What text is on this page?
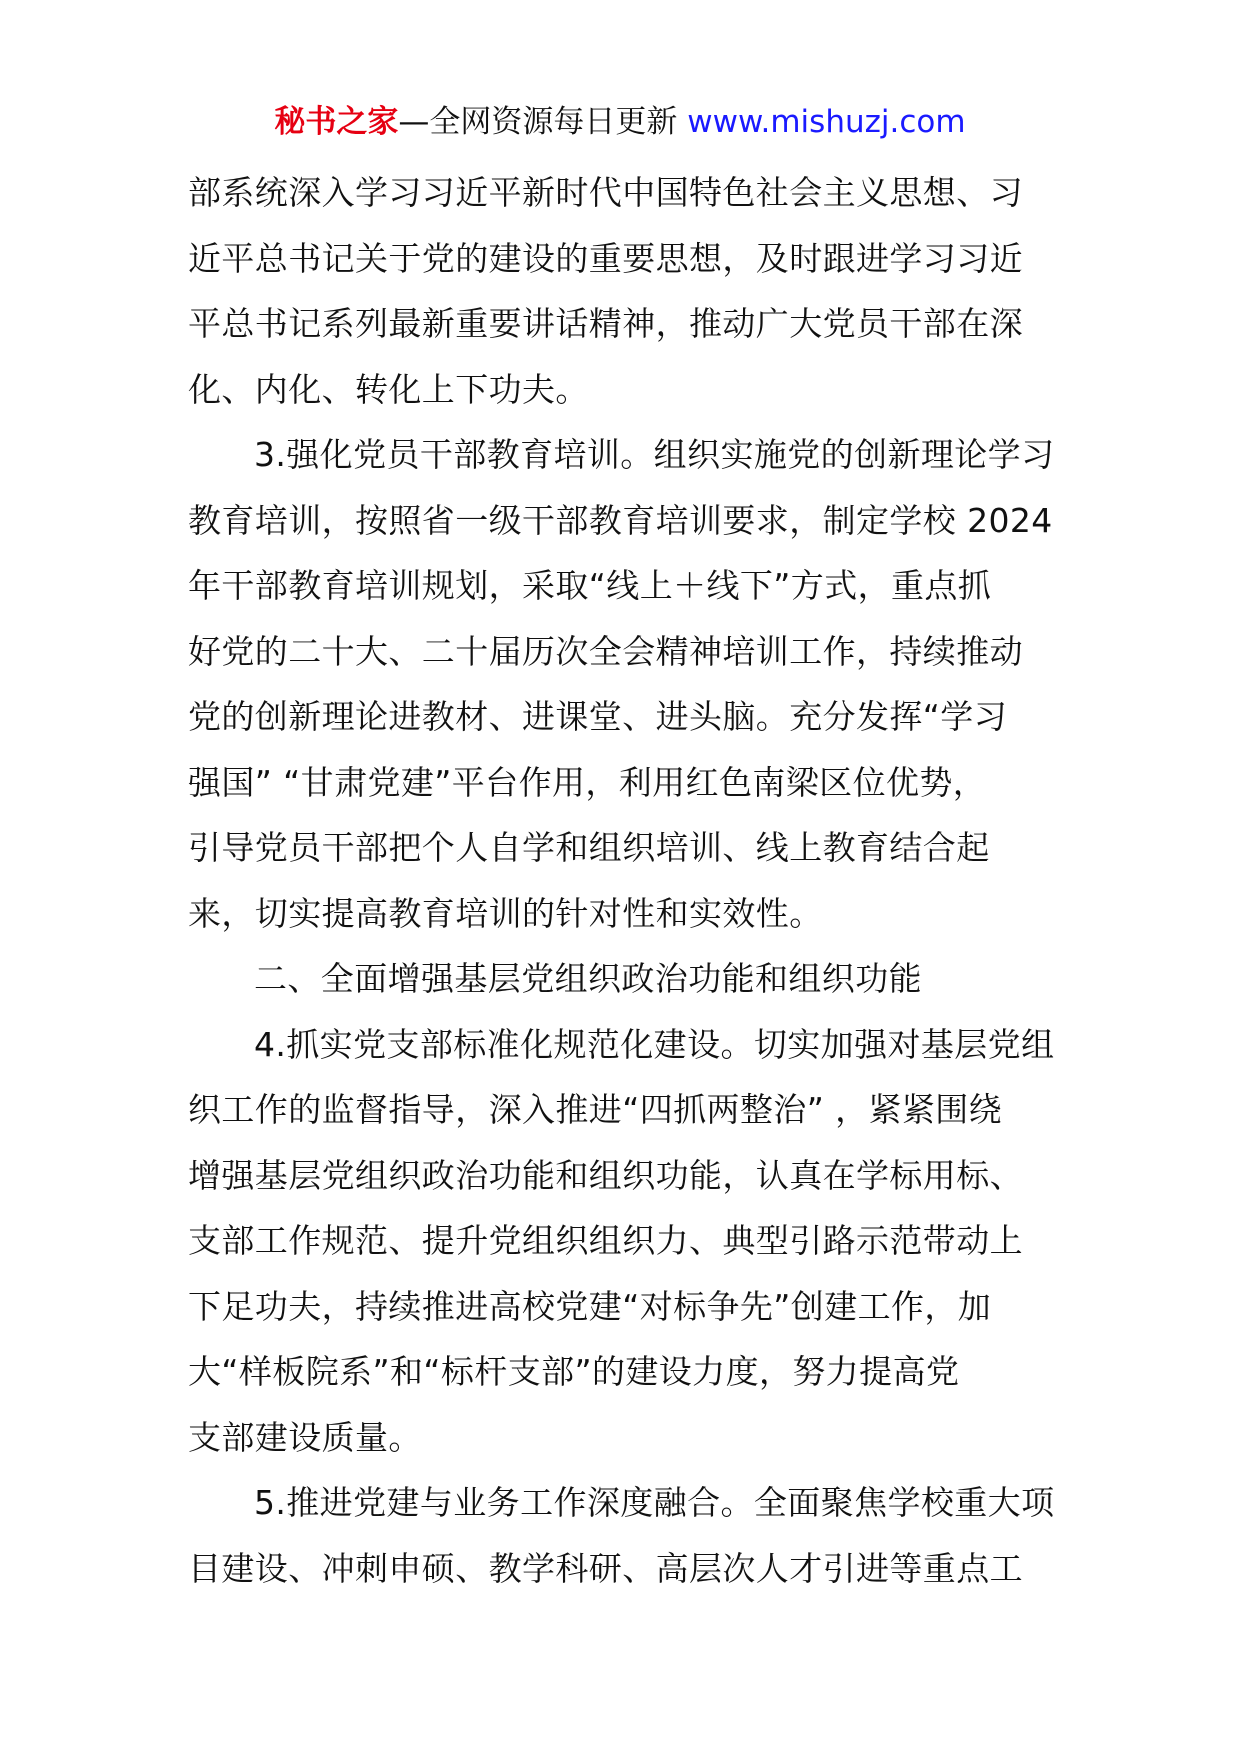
秘书之家—全网资源每日更新 www.mishuzj.com
部系统深入学习习近平新时代中国特色社会主义思想、习
近平总书记关于党的建设的重要思想，及时跟进学习习近
平总书记系列最新重要讲话精神，推动广大党员干部在深
化、内化、转化上下功夫。
3.强化党员干部教育培训。组织实施党的创新理论学习
教育培训，按照省一级干部教育培训要求，制定学校 2024
年干部教育培训规划，采取“线上＋线下”方式，重点抓
好党的二十大、二十届历次全会精神培训工作，持续推动
党的创新理论进教材、进课堂、进头脑。充分发挥“学习
强国” “甘肃党建”平台作用，利用红色南梁区位优势，
引导党员干部把个人自学和组织培训、线上教育结合起
来，切实提高教育培训的针对性和实效性。
二、全面增强基层党组织政治功能和组织功能
4.抓实党支部标准化规范化建设。切实加强对基层党组
织工作的监督指导，深入推进“四抓两整治” ，紧紧围绕
增强基层党组织政治功能和组织功能，认真在学标用标、
支部工作规范、提升党组织组织力、典型引路示范带动上
下足功夫，持续推进高校党建“对标争先”创建工作，加
大“样板院系”和“标杆支部”的建设力度，努力提高党
支部建设质量。
5.推进党建与业务工作深度融合。全面聚焦学校重大项
目建设、冲刺申硕、教学科研、高层次人才引进等重点工
